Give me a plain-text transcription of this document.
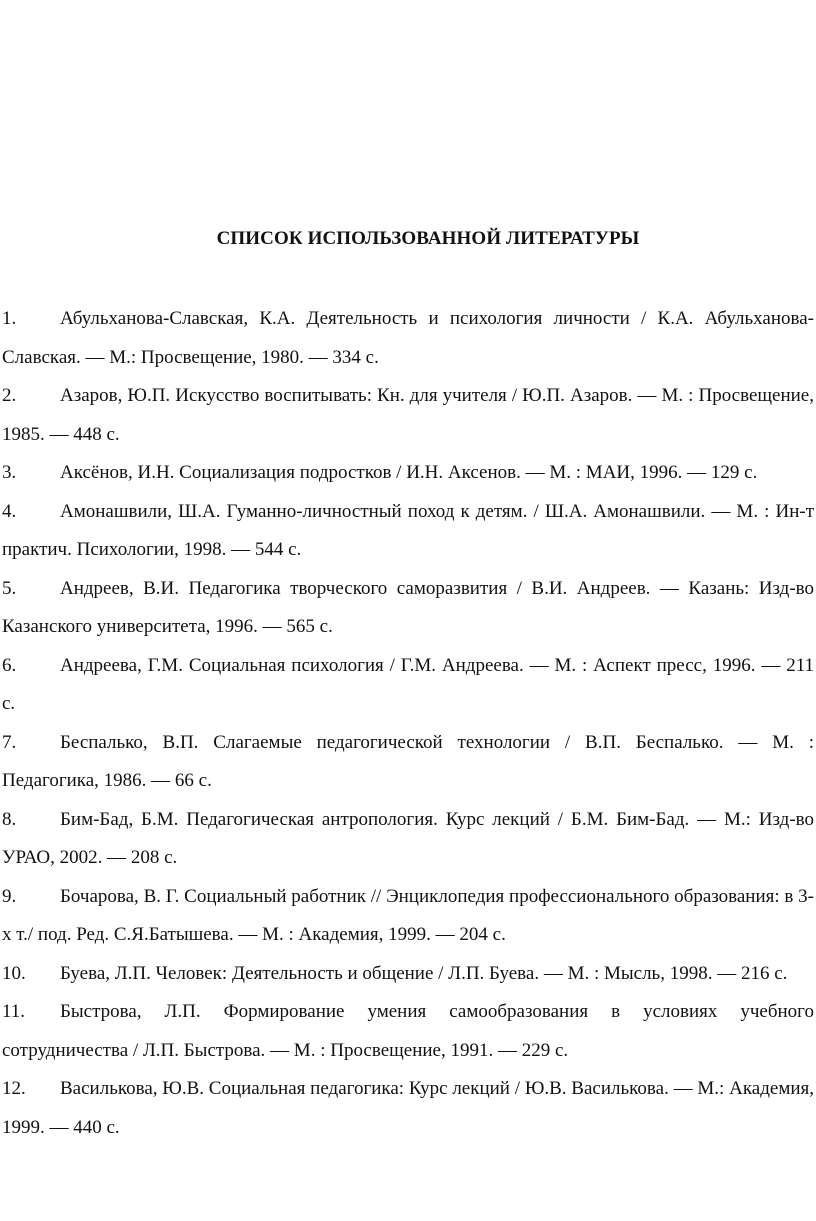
СПИСОК ИСПОЛЬЗОВАННОЙ ЛИТЕРАТУРЫ
1. Абульханова-Славская, К.А. Деятельность и психология личности / К.А. Абульханова-Славская. — М.: Просвещение, 1980. — 334 с.
2. Азаров, Ю.П. Искусство воспитывать: Кн. для учителя / Ю.П. Азаров. — М. : Просвещение, 1985. — 448 с.
3. Аксёнов, И.Н. Социализация подростков / И.Н. Аксенов. — М. : МАИ, 1996. — 129 с.
4. Амонашвили, Ш.А. Гуманно-личностный поход к детям. / Ш.А. Амонашвили. — М. : Ин-т практич. Психологии, 1998. — 544 с.
5. Андреев, В.И. Педагогика творческого саморазвития / В.И. Андреев. — Казань: Изд-во Казанского университета, 1996. — 565 с.
6. Андреева, Г.М. Социальная психология / Г.М. Андреева. — М. : Аспект пресс, 1996. — 211 с.
7. Беспалько, В.П. Слагаемые педагогической технологии / В.П. Беспалько. — М. : Педагогика, 1986. — 66 с.
8. Бим-Бад, Б.М. Педагогическая антропология. Курс лекций / Б.М. Бим-Бад. — М.: Изд-во УРАО, 2002. — 208 с.
9. Бочарова, В. Г. Социальный работник // Энциклопедия профессионального образования: в 3-х т./ под. Ред. С.Я.Батышева. — М. : Академия, 1999. — 204 с.
10. Буева, Л.П. Человек: Деятельность и общение / Л.П. Буева. — М. : Мысль, 1998. — 216 с.
11. Быстрова, Л.П. Формирование умения самообразования в условиях учебного сотрудничества / Л.П. Быстрова. — М. : Просвещение, 1991. — 229 с.
12. Василькова, Ю.В. Социальная педагогика: Курс лекций / Ю.В. Василькова. — М.: Академия, 1999. — 440 с.
